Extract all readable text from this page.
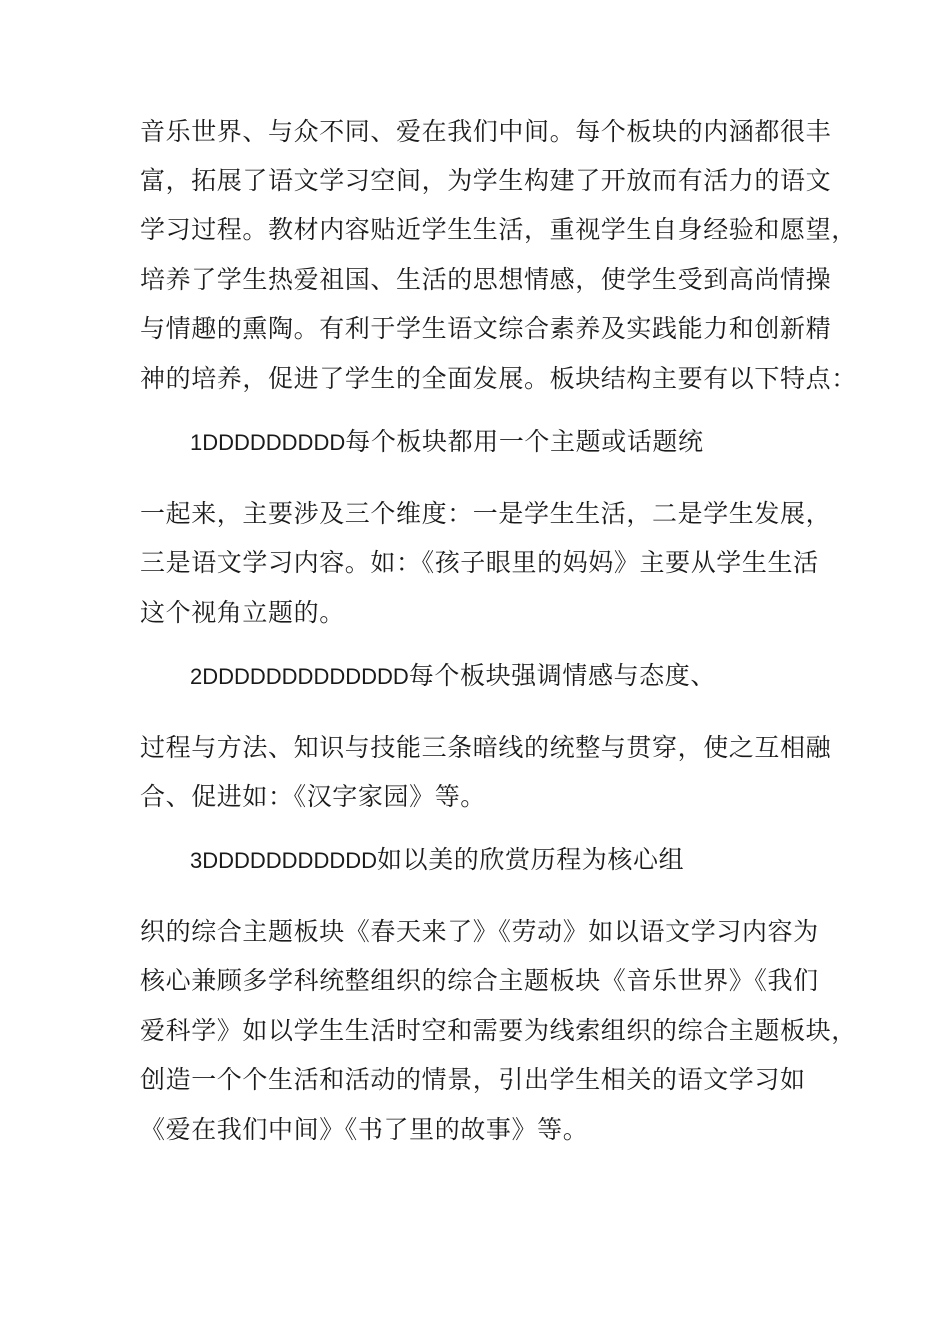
音乐世界、与众不同、爱在我们中间。每个板块的内涵都很丰
富，拓展了语文学习空间，为学生构建了开放而有活力的语文
学习过程。教材内容贴近学生生活，重视学生自身经验和愿望，
培养了学生热爱祖国、生活的思想情感，使学生受到高尚情操
与情趣的熏陶。有利于学生语文综合素养及实践能力和创新精
神的培养，促进了学生的全面发展。板块结构主要有以下特点：
1DDDDDDDDD每个板块都用一个主题或话题统
一起来，主要涉及三个维度：一是学生生活，二是学生发展，
三是语文学习内容。如：《孩子眼里的妈妈》主要从学生生活
这个视角立题的。
2DDDDDDDDDDDDD每个板块强调情感与态度、
过程与方法、知识与技能三条暗线的统整与贯穿，使之互相融
合、促进如：《汉字家园》等。
3DDDDDDDDDDD如以美的欣赏历程为核心组
织的综合主题板块《春天来了》《劳动》如以语文学习内容为
核心兼顾多学科统整组织的综合主题板块《音乐世界》《我们
爱科学》如以学生生活时空和需要为线索组织的综合主题板块，
创造一个个生活和活动的情景，引出学生相关的语文学习如
《爱在我们中间》《书了里的故事》等。
